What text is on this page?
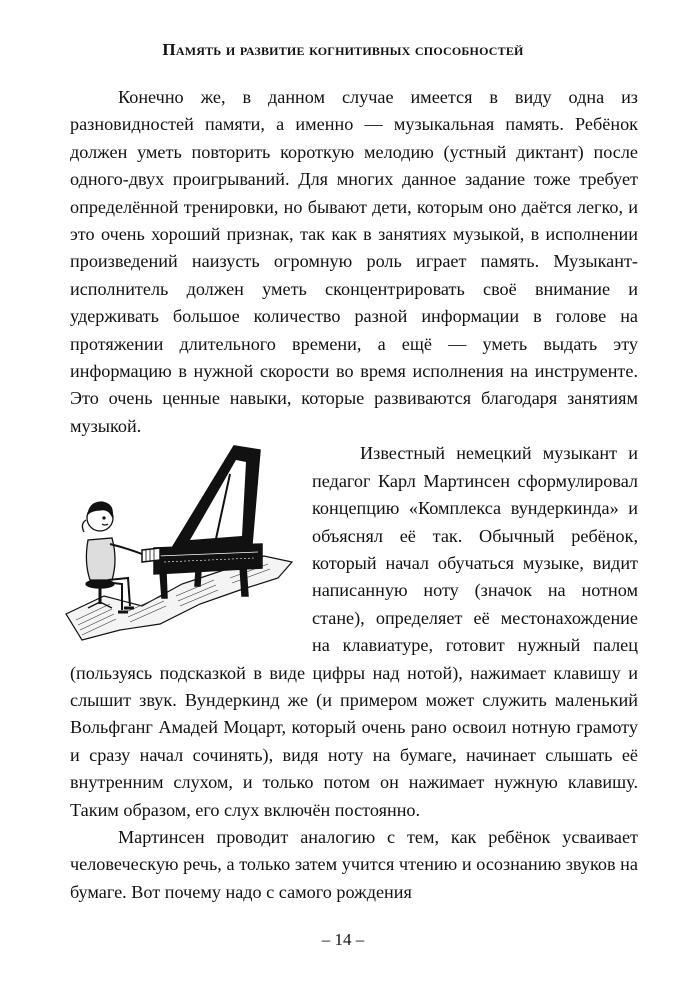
Память и развитие когнитивных способностей

Конечно же, в данном случае имеется в виду одна из разновидностей памяти, а именно — музыкальная память. Ребёнок должен уметь повторить короткую мелодию (устный диктант) после одного-двух проигрываний. Для многих данное задание тоже требует определённой тренировки, но бывают дети, которым оно даётся легко, и это очень хороший признак, так как в занятиях музыкой, в исполнении произведений наизусть огромную роль играет память. Музыкант-исполнитель должен уметь сконцентрировать своё внимание и удерживать большое количество разной информации в голове на протяжении длительного времени, а ещё — уметь выдать эту информацию в нужной скорости во время исполнения на инструменте. Это очень ценные навыки, которые развиваются благодаря занятиям музыкой.

Известный немецкий музыкант и педагог Карл Мартинсен сформулировал концепцию «Комплекса вундеркинда» и объяснял её так. Обычный ребёнок, который начал обучаться музыке, видит написанную ноту (значок на нотном стане), определяет её местонахождение на клавиатуре, готовит нужный палец (пользуясь подсказкой в виде цифры над нотой), нажимает клавишу и слышит звук. Вундеркинд же (и примером может служить маленький Вольфганг Амадей Моцарт, который очень рано освоил нотную грамоту и сразу начал сочинять), видя ноту на бумаге, начинает слышать её внутренним слухом, и только потом он нажимает нужную клавишу. Таким образом, его слух включён постоянно.

Мартинсен проводит аналогию с тем, как ребёнок усваивает человеческую речь, а только затем учится чтению и осознанию звуков на бумаге. Вот почему надо с самого рождения

– 14 –
